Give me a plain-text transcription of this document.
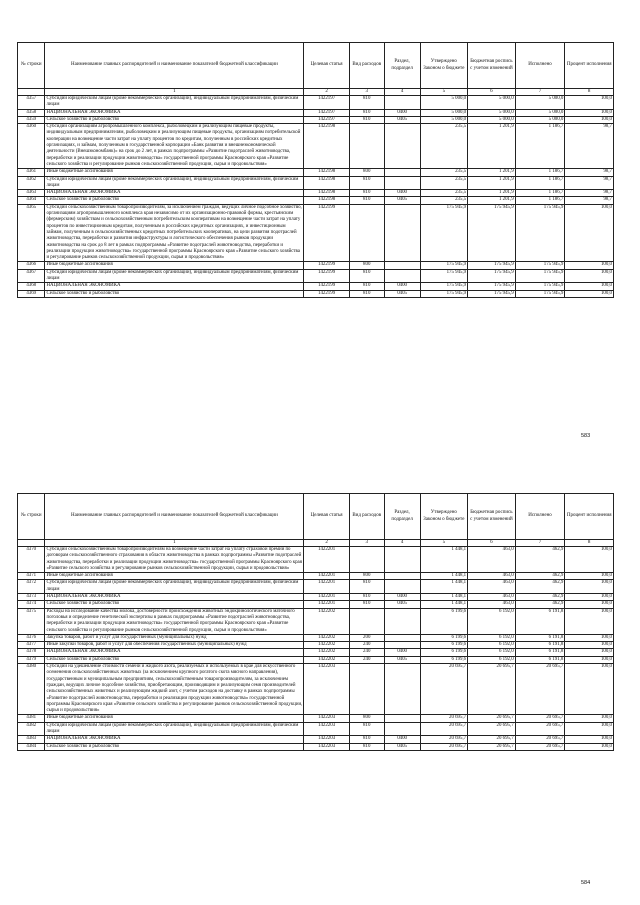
№ строки	Наименование главных распорядителей и наименование показателей бюджетной классификации	Целевая статья	Вид расходов	Раздел, подраздел	Утверждено Законом о бюджете	Бюджетная роспись с учетом изменений	Исполнено	Процент исполнения
	1	2	3	4	5	6	7	8
4357	Субсидии юридическим лицам (кроме некоммерческих организаций), индивидуальным предпринимателям, физическим лицам	1422197	810		5 000,0	5 000,0	5 000,0	100,0
4358	НАЦИОНАЛЬНАЯ ЭКОНОМИКА	1422197	810	0400	5 000,0	5 000,0	5 000,0	100,0
4359	Сельское хозяйство и рыболовство	1422197	810	0405	5 000,0	5 000,0	5 000,0	100,0
4360	Субсидии организациям агропромышленного комплекса, рыболовецким и реализующим пищевые продукты, индивидуальным предпринимателям, рыболовецким и реализующим пищевые продукты, организациям потребительской кооперации на возмещение части затрат на уплату процентов по кредитам, полученным в российских кредитных организациях, и займам, полученным в государственной корпорации «Банк развития и внешнеэкономической деятельности (Внешэкономбанк)» на срок до 2 лет, в рамках подпрограммы «Развитие подотраслей животноводства, переработки и реализации продукции животноводства» государственной программы Красноярского края «Развитие сельского хозяйства и регулирование рынков сельскохозяйственной продукции, сырья и продовольствия»	1422198			235,5	1 201,9	1 186,7	98,7
4361	Иные бюджетные ассигнования	1422198	800		235,5	1 201,9	1 186,7	98,7
4362	Субсидии юридическим лицам (кроме некоммерческих организаций), индивидуальным предпринимателям, физическим лицам	1422198	810		235,5	1 201,9	1 186,7	98,7
4363	НАЦИОНАЛЬНАЯ ЭКОНОМИКА	1422198	810	0400	235,5	1 201,9	1 186,7	98,7
4364	Сельское хозяйство и рыболовство	1422198	810	0405	235,5	1 201,9	1 186,7	98,7
4365	Субсидии сельскохозяйственным товаропроизводителям, за исключением граждан, ведущих личное подсобное хозяйство, организациям агропромышленного комплекса края независимо от их организационно-правовой формы, крестьянским (фермерским) хозяйствам и сельскохозяйственным потребительским кооперативам на возмещение части затрат на уплату процентов по инвестиционным кредитам, полученным в российских кредитных организациях, и инвестиционным займам, полученным в сельскохозяйственных кредитных потребительских кооперативах, на цели развития подотраслей животноводства, переработки и развития инфраструктуры и логистического обеспечения рынков продукции животноводства на срок до 8 лет в рамках подпрограммы «Развитие подотраслей животноводства, переработки и реализации продукции животноводства» государственной программы Красноярского края «Развитие сельского хозяйства и регулирование рынков сельскохозяйственной продукции, сырья и продовольствия»	1422199			175 945,9	175 945,9	175 945,9	100,0
4366	Иные бюджетные ассигнования	1422199	800		175 945,9	175 945,9	175 945,9	100,0
4367	Субсидии юридическим лицам (кроме некоммерческих организаций), индивидуальным предпринимателям, физическим лицам	1422199	810		175 945,9	175 945,9	175 945,9	100,0
4368	НАЦИОНАЛЬНАЯ ЭКОНОМИКА	1422199	810	0400	175 945,9	175 945,9	175 945,9	100,0
4369	Сельское хозяйство и рыболовство	1422199	810	0405	175 945,9	175 945,9	175 945,9	100,0
583
№ строки	Наименование главных распорядителей и наименование показателей бюджетной классификации	Целевая статья	Вид расходов	Раздел, подраздел	Утверждено Законом о бюджете	Бюджетная роспись с учетом изменений	Исполнено	Процент исполнения
	1	2	3	4	5	6	7	8
4370	Субсидии сельскохозяйственным товаропроизводителям на возмещение части затрат на уплату страховой премии по договорам сельскохозяйственного страхования в области животноводства в рамках подпрограммы «Развитие подотраслей животноводства, переработки и реализации продукции животноводства» государственной программы Красноярского края «Развитие сельского хозяйства и регулирование рынков сельскохозяйственной продукции, сырья и продовольствия»	1422201			1 448,1	463,0	462,9	100,0
4371	Иные бюджетные ассигнования	1422201	800		1 448,1	463,0	462,9	100,0
4372	Субсидии юридическим лицам (кроме некоммерческих организаций), индивидуальным предпринимателям, физическим лицам	1422201	810		1 448,1	463,0	462,9	100,0
4373	НАЦИОНАЛЬНАЯ ЭКОНОМИКА	1422201	810	0400	1 448,1	463,0	462,9	100,0
4374	Сельское хозяйство и рыболовство	1422201	810	0405	1 448,1	463,0	462,9	100,0
4375	Расходы на исследование качества молока, достоверности происхождения животных эндокринологического маточного поголовья и определение генетической экспертизы в рамках подпрограммы «Развитие подотраслей животноводства, переработки и реализации продукции животноводства» государственной программы Красноярского края «Развитие сельского хозяйства и регулирование рынков сельскохозяйственной продукции, сырья и продовольствия»	1422202			6 199,6	6 192,0	6 191,8	100,0
4376	Закупка товаров, работ и услуг для государственных (муниципальных) нужд	1422202	200		6 199,6	6 192,0	6 191,8	100,0
4377	Иные закупки товаров, работ и услуг для обеспечения государственных (муниципальных) нужд	1422202	240		6 199,6	6 192,0	6 191,8	100,0
4378	НАЦИОНАЛЬНАЯ ЭКОНОМИКА	1422202	240	0400	6 199,6	6 192,0	6 191,8	100,0
4379	Сельское хозяйство и рыболовство	1422202	240	0405	6 199,6	6 192,0	6 191,8	100,0
4380	Субсидии на удешевление стоимости семени и жидкого азота, реализуемых и используемых в крае для искусственного осеменения сельскохозяйственных животных (за исключением крупного рогатого скота мясного направления), государственным и муниципальным предприятиям, сельскохозяйственным товаропроизводителям, за исключением граждан, ведущих личное подсобное хозяйство, приобретающим, производящим и реализующим семя производителей сельскохозяйственных животных и реализующим жидкий азот, с учетом расходов на доставку в рамках подпрограммы «Развитие подотраслей животноводства, переработки и реализации продукции животноводства» государственной программы Красноярского края «Развитие сельского хозяйства и регулирование рынков сельскохозяйственной продукции, сырья и продовольствия»	1422203			20 695,7	20 695,7	20 695,7	100,0
4381	Иные бюджетные ассигнования	1422203	800		20 695,7	20 695,7	20 695,7	100,0
4382	Субсидии юридическим лицам (кроме некоммерческих организаций), индивидуальным предпринимателям, физическим лицам	1422203	810		20 695,7	20 695,7	20 695,7	100,0
4383	НАЦИОНАЛЬНАЯ ЭКОНОМИКА	1422203	810	0400	20 695,7	20 695,7	20 695,7	100,0
4384	Сельское хозяйство и рыболовство	1422203	810	0405	20 695,7	20 695,7	20 695,7	100,0
584
